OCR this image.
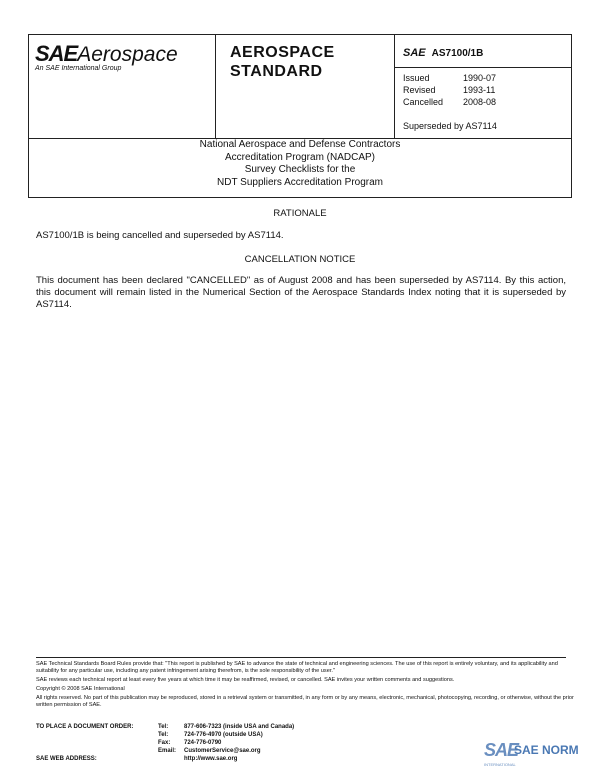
SAEAerospace
An SAE International Group
AEROSPACE
STANDARD
SAE AS7100/1B
Issued	1990-07
Revised	1993-11
Cancelled	2008-08
Superseded by AS7114
National Aerospace and Defense Contractors
Accreditation Program (NADCAP)
Survey Checklists for the
NDT Suppliers Accreditation Program
RATIONALE
AS7100/1B is being cancelled and superseded by AS7114.
CANCELLATION NOTICE
This document has been declared "CANCELLED" as of August 2008 and has been superseded by AS7114. By this action, this document will remain listed in the Numerical Section of the Aerospace Standards Index noting that it is superseded by AS7114.

SAE Technical Standards Board Rules provide that: "This report is published by SAE to advance the state of technical and engineering sciences. The use of this report is entirely voluntary, and its applicability and suitability for any particular use, including any patent infringement arising therefrom, is the sole responsibility of the user."

SAE reviews each technical report at least every five years at which time it may be reaffirmed, revised, or cancelled. SAE invites your written comments and suggestions.

Copyright © 2008 SAE International

All rights reserved. No part of this publication may be reproduced, stored in a retrieval system or transmitted, in any form or by any means, electronic, mechanical, photocopying, recording, or otherwise, without the prior written permission of SAE.

TO PLACE A DOCUMENT ORDER:
SAE WEB ADDRESS:
Tel:	877-606-7323 (inside USA and Canada)
Tel:	724-776-4970 (outside USA)
Fax: 724-776-0790
Email: CustomerService@sae.org
http://www.sae.org	SAE
SAE NORM
INTERNATIONAL
